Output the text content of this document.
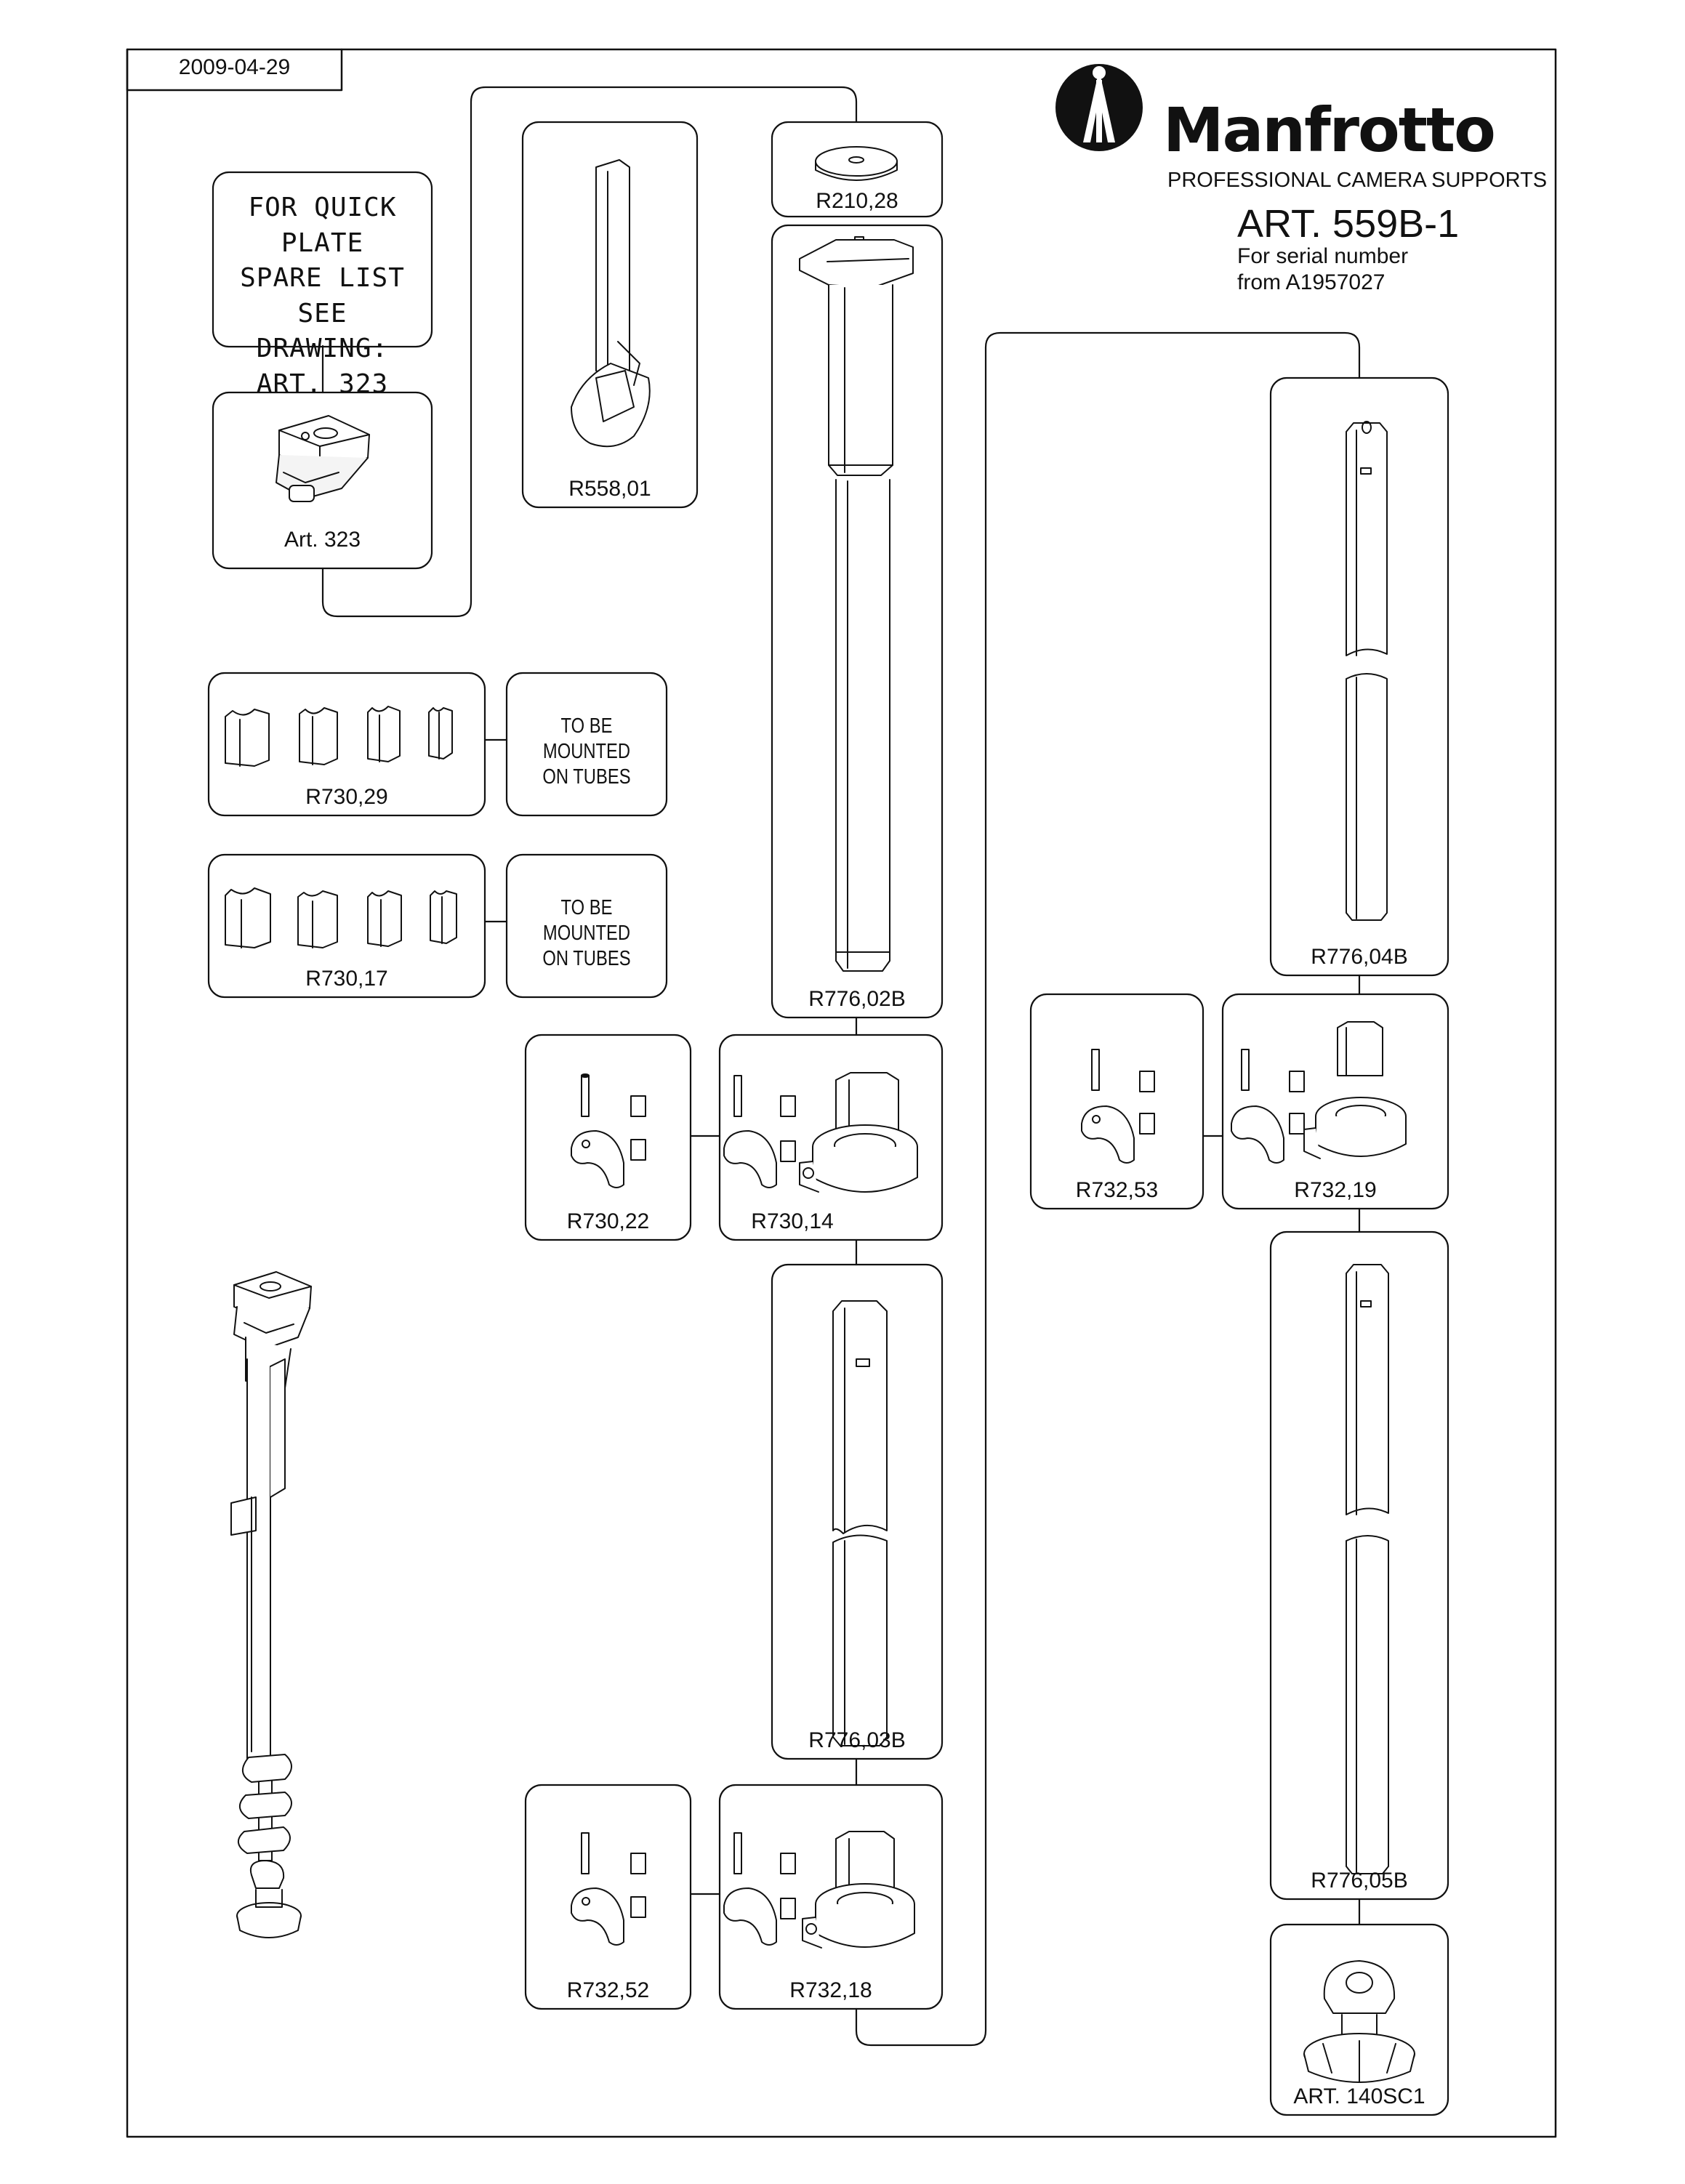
2009-04-29
Manfrotto
PROFESSIONAL CAMERA SUPPORTS
ART. 559B-1
For serial number
from A1957027
FOR QUICK PLATE
SPARE LIST SEE
DRAWING:
ART. 323
TO BE MOUNTED
ON TUBES
TO BE MOUNTED
ON TUBES
Art. 323
R558,01
R210,28
R776,02B
R730,29
R730,17
R730,22	R730,14
R776,03B
R732,52	R732,18
R776,04B
R732,53	R732,19
R776,05B
ART. 140SC1
